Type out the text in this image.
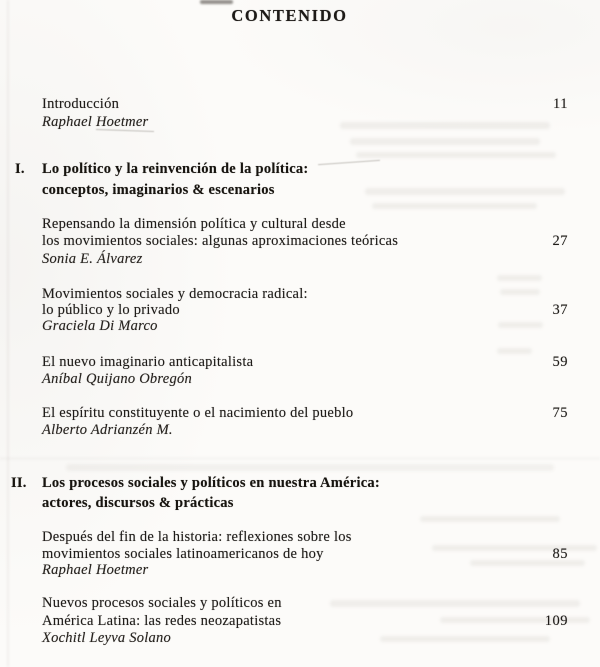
CONTENIDO
Introducción	11
Raphael Hoetmer
I. Lo político y la reinvención de la política:
conceptos, imaginarios & escenarios
Repensando la dimensión política y cultural desde
los movimientos sociales: algunas aproximaciones teóricas	27
Sonia E. Álvarez
Movimientos sociales y democracia radical:
lo público y lo privado	37
Graciela Di Marco
El nuevo imaginario anticapitalista	59
Aníbal Quijano Obregón
El espíritu constituyente o el nacimiento del pueblo	75
Alberto Adrianzén M.
II. Los procesos sociales y políticos en nuestra América:
actores, discursos & prácticas
Después del fin de la historia: reflexiones sobre los
movimientos sociales latinoamericanos de hoy	85
Raphael Hoetmer
Nuevos procesos sociales y políticos en
América Latina: las redes neozapatistas	109
Xochitl Leyva Solano
